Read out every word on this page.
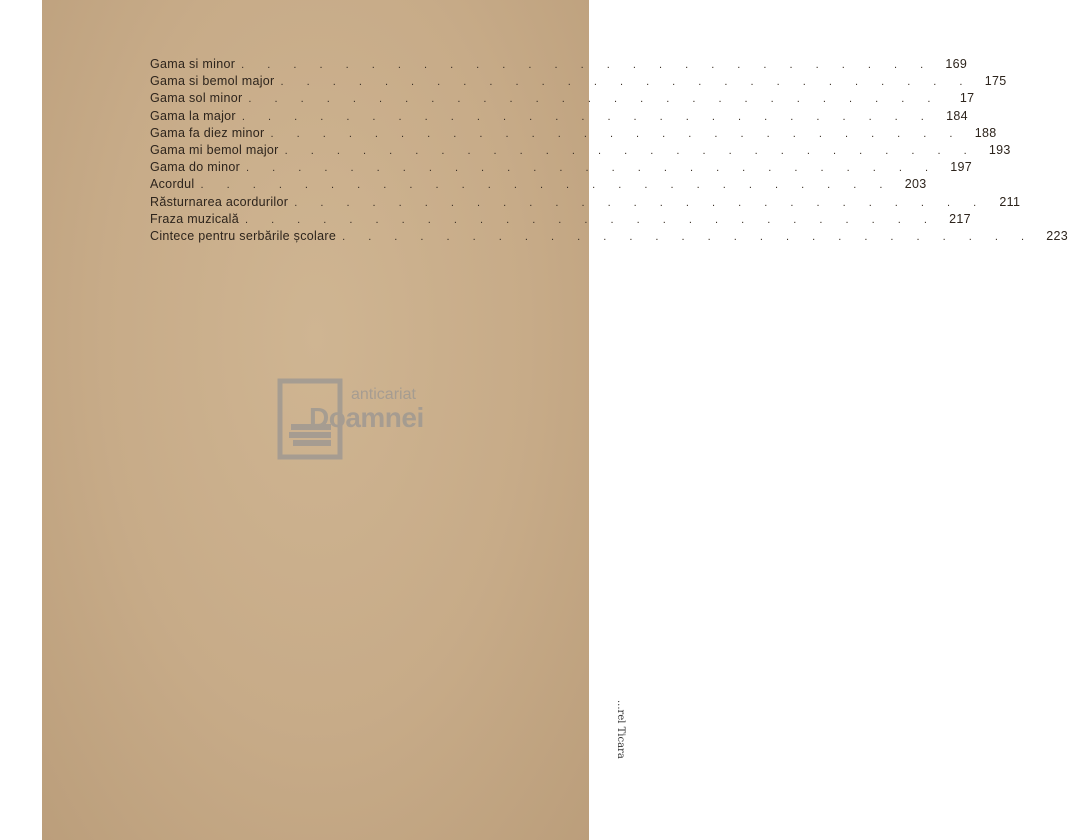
anticariat
Doamnei
Gama si minor . . . . . . . . . . . . . . . . . . . . . . . . . . . 169
Gama si bemol major . . . . . . . . . . . . . . . . . . . . . . . . . . . 175
Gama sol minor . . . . . . . . . . . . . . . . . . . . . . . . . . .	17
Gama la major . . . . . . . . . . . . . . . . . . . . . . . . . . . 184
Gama fa diez minor . . . . . . . . . . . . . . . . . . . . . . . . . . . 188
Gama mi bemol major . . . . . . . . . . . . . . . . . . . . . . . . . . . 193
Gama do minor . . . . . . . . . . . . . . . . . . . . . . . . . . . 197
Acordul . . . . . . . . . . . . . . . . . . . . . . . . . . . 203
Răsturnarea acordurilor . . . . . . . . . . . . . . . . . . . . . . . . . . .	211
Fraza muzicală . . . . . . . . . . . . . . . . . . . . . . . . . . . 217
Cintece pentru serbările școlare . . . . . . . . . . . . . . . . . . . . . . . . . . . 223
...rel Ticara
